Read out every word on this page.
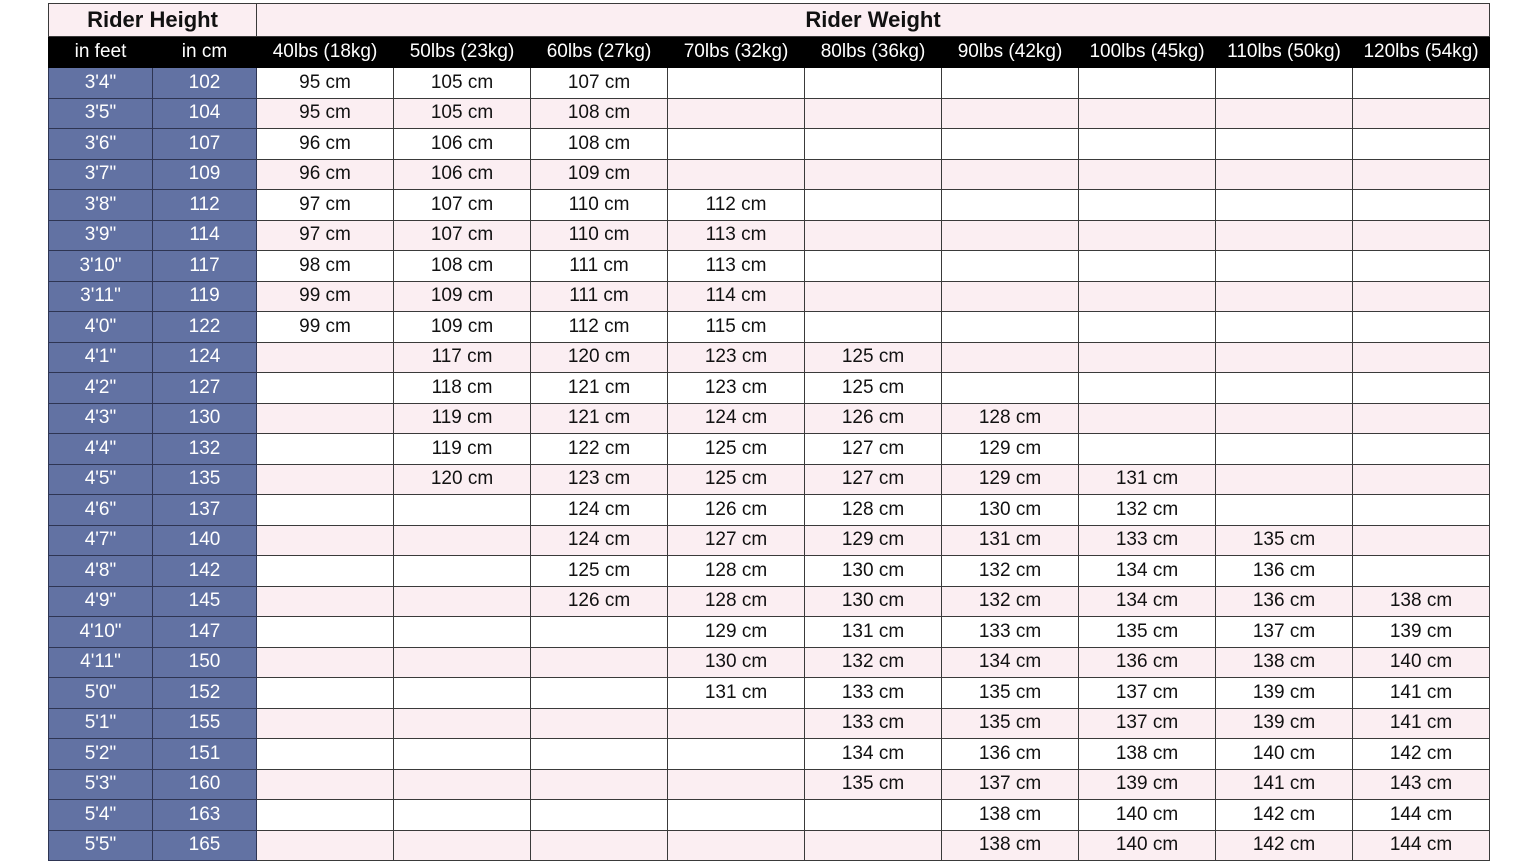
Rider Height		Rider Weight								
in feet	in cm	40lbs (18kg)	50lbs (23kg)	60lbs (27kg)	70lbs (32kg)	80lbs (36kg)	90lbs (42kg)	100lbs (45kg)	110lbs (50kg)	120lbs (54kg)
3'4"	102	95 cm	105 cm	107 cm						
3'5"	104	95 cm	105 cm	108 cm						
3'6"	107	96 cm	106 cm	108 cm						
3'7"	109	96 cm	106 cm	109 cm						
3'8"	112	97 cm	107 cm	110 cm	112 cm					
3'9"	114	97 cm	107 cm	110 cm	113 cm					
3'10"	117	98 cm	108 cm	111 cm	113 cm					
3'11"	119	99 cm	109 cm	111 cm	114 cm					
4'0"	122	99 cm	109 cm	112 cm	115 cm					
4'1"	124		117 cm	120 cm	123 cm	125 cm				
4'2"	127		118 cm	121 cm	123 cm	125 cm				
4'3"	130		119 cm	121 cm	124 cm	126 cm	128 cm			
4'4"	132		119 cm	122 cm	125 cm	127 cm	129 cm			
4'5"	135		120 cm	123 cm	125 cm	127 cm	129 cm	131 cm		
4'6"	137			124 cm	126 cm	128 cm	130 cm	132 cm		
4'7"	140			124 cm	127 cm	129 cm	131 cm	133 cm	135 cm	
4'8"	142			125 cm	128 cm	130 cm	132 cm	134 cm	136 cm	
4'9"	145			126 cm	128 cm	130 cm	132 cm	134 cm	136 cm	138 cm
4'10"	147				129 cm	131 cm	133 cm	135 cm	137 cm	139 cm
4'11"	150				130 cm	132 cm	134 cm	136 cm	138 cm	140 cm
5'0"	152				131 cm	133 cm	135 cm	137 cm	139 cm	141 cm
5'1"	155					133 cm	135 cm	137 cm	139 cm	141 cm
5'2"	151					134 cm	136 cm	138 cm	140 cm	142 cm
5'3"	160					135 cm	137 cm	139 cm	141 cm	143 cm
5'4"	163						138 cm	140 cm	142 cm	144 cm
5'5"	165						138 cm	140 cm	142 cm	144 cm
